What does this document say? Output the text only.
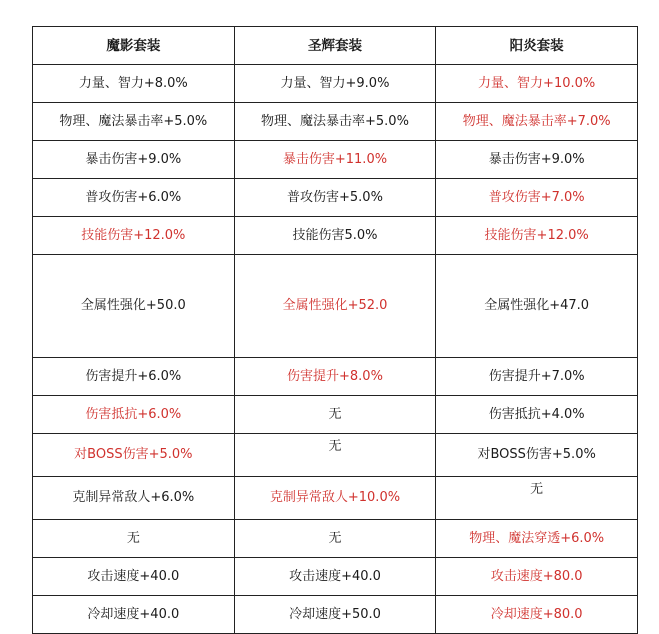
魔影套装	圣辉套装	阳炎套装
力量、智力+8.0%	力量、智力+9.0%	力量、智力+10.0%
物理、魔法暴击率+5.0%	物理、魔法暴击率+5.0%	物理、魔法暴击率+7.0%
暴击伤害+9.0%	暴击伤害+11.0%	暴击伤害+9.0%
普攻伤害+6.0%	普攻伤害+5.0%	普攻伤害+7.0%
技能伤害+12.0%	技能伤害5.0%	技能伤害+12.0%
全属性强化+50.0	全属性强化+52.0	全属性强化+47.0
伤害提升+6.0%	伤害提升+8.0%	伤害提升+7.0%
伤害抵抗+6.0%	无	伤害抵抗+4.0%
对BOSS伤害+5.0%	无	对BOSS伤害+5.0%
克制异常敌人+6.0%	克制异常敌人+10.0%	无
无	无	物理、魔法穿透+6.0%
攻击速度+40.0	攻击速度+40.0	攻击速度+80.0
冷却速度+40.0	冷却速度+50.0	冷却速度+80.0
